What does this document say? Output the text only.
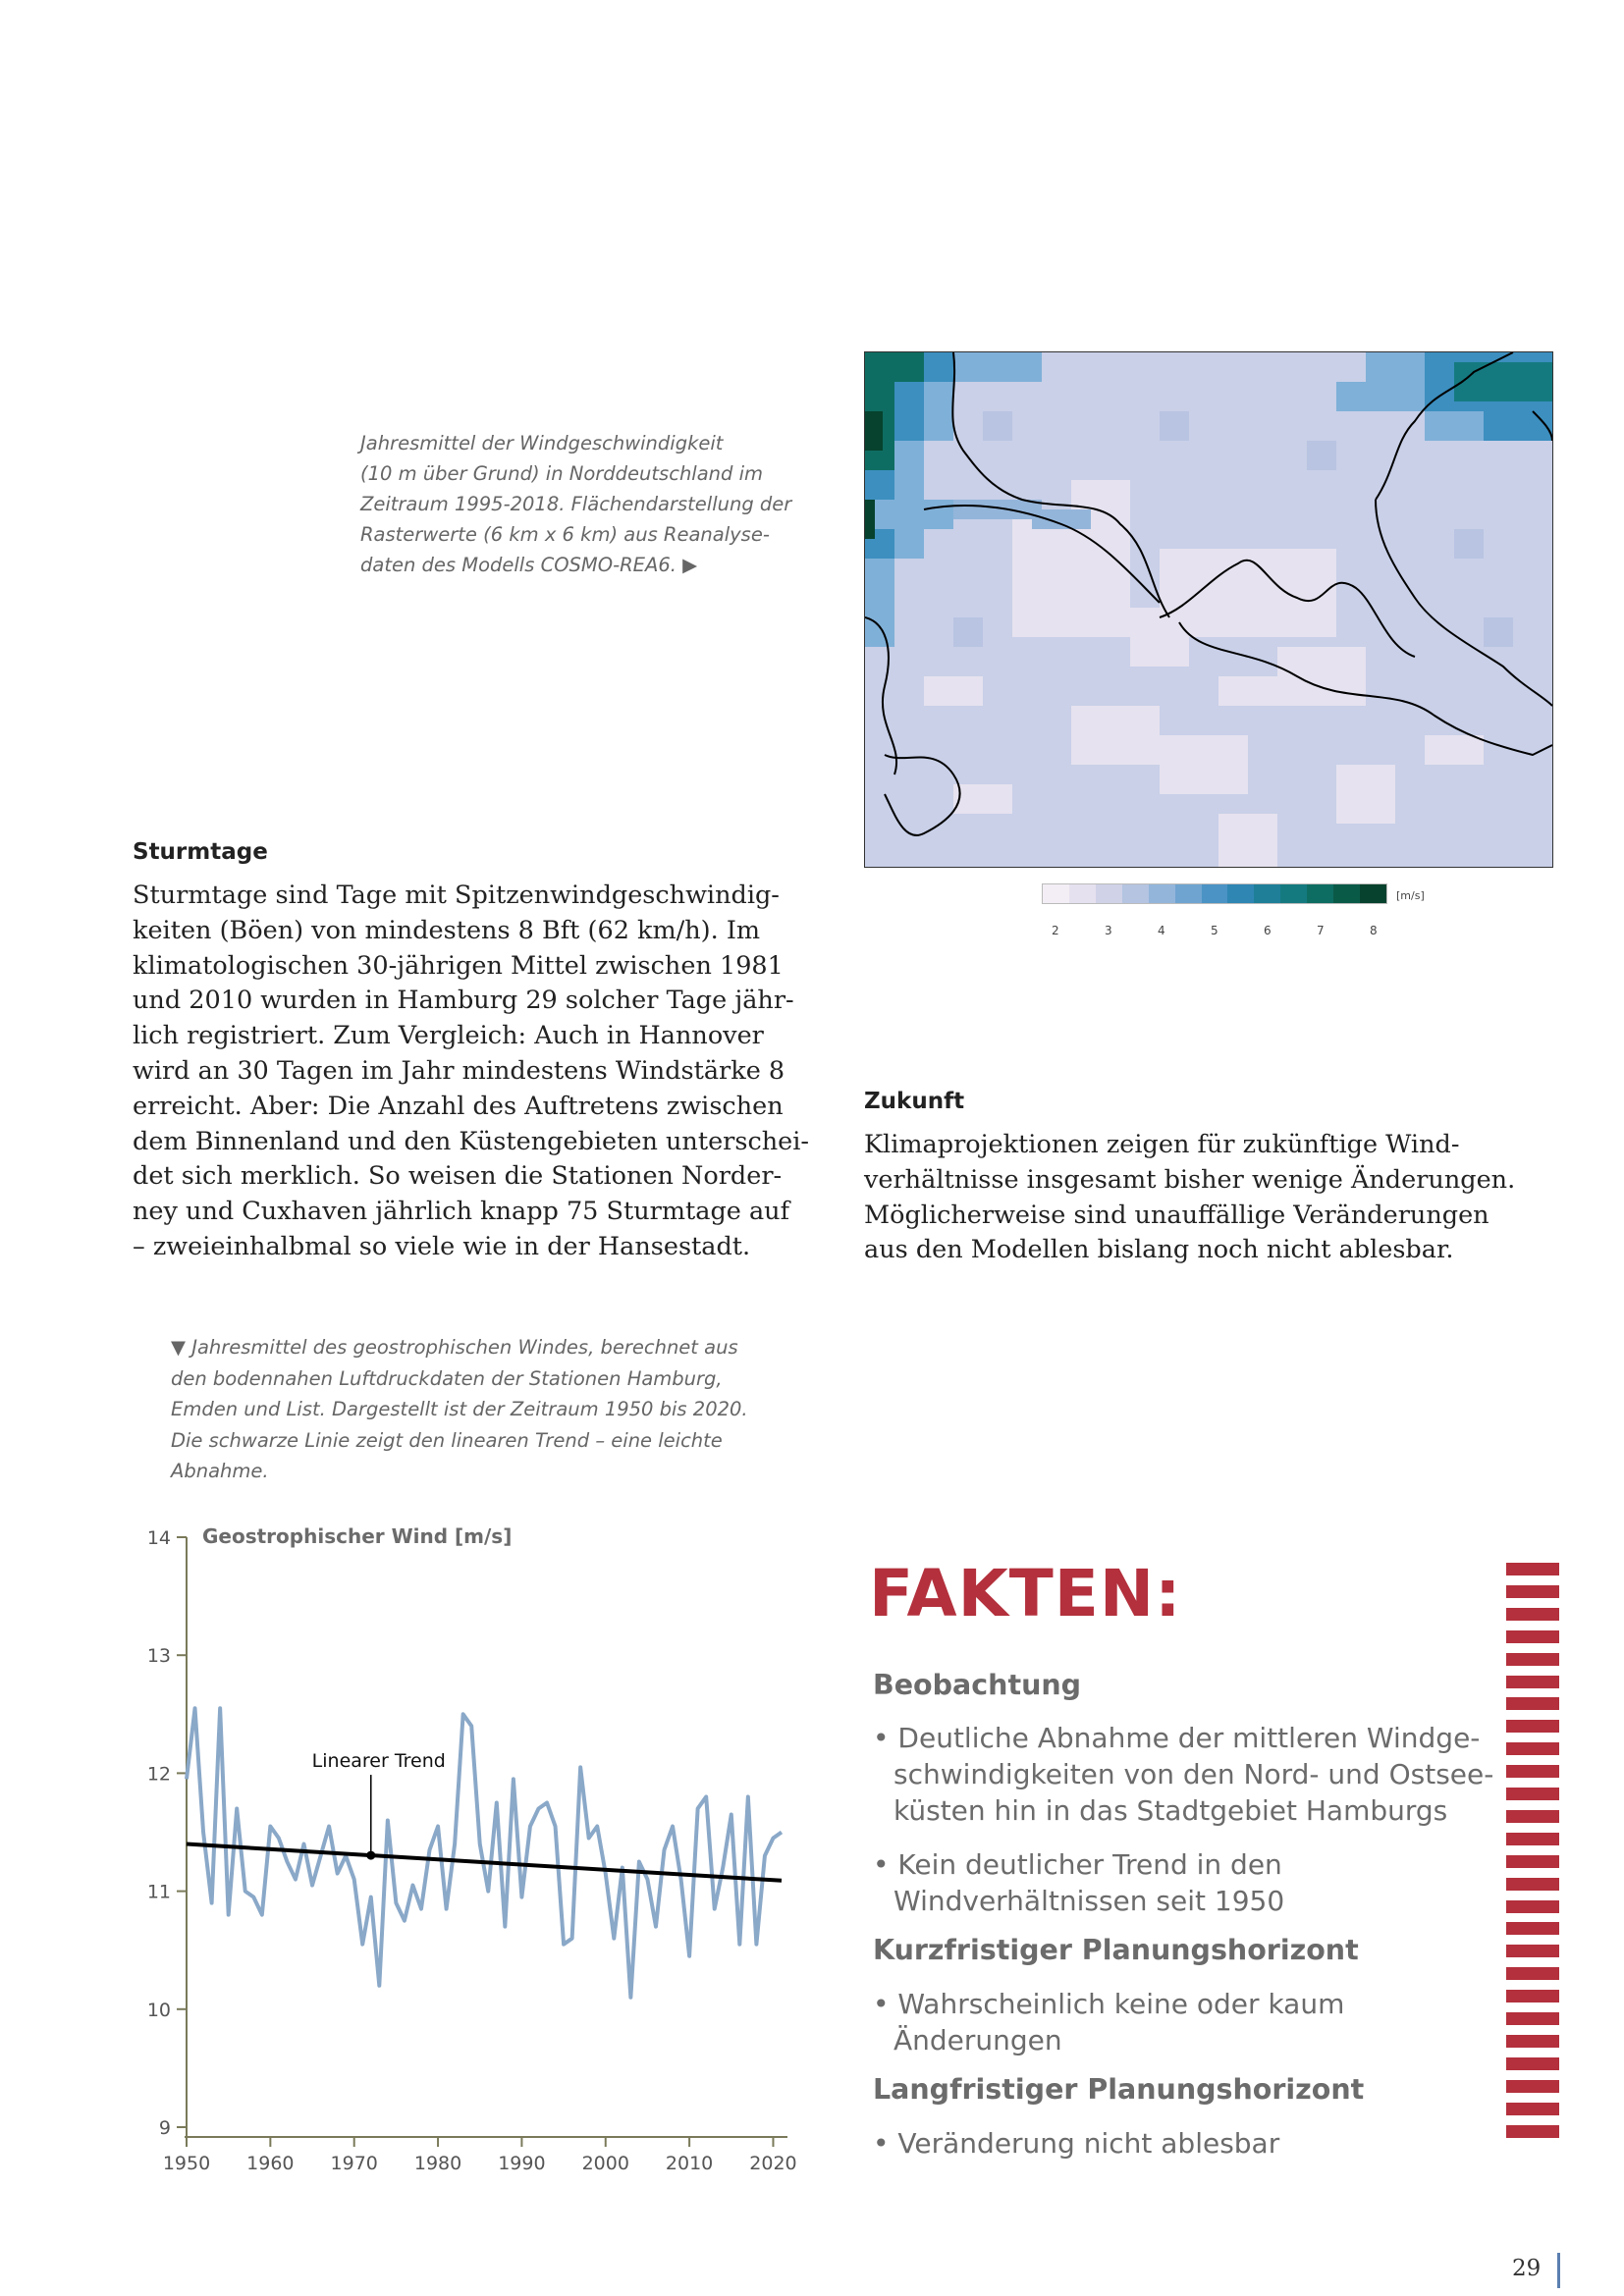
Jahresmittel der Windgeschwindigkeit
(10 m über Grund) in Norddeutschland im
Zeitraum 1995-2018. Flächendarstellung der
Rasterwerte (6 km x 6 km) aus Reanalyse-
daten des Modells COSMO-REA6. ▶
[m/s]
2	3	4	5	6	7	8
Sturmtage
Sturmtage sind Tage mit Spitzenwindgeschwindig-
keiten (Böen) von mindestens 8 Bft (62 km/h). Im
klimatologischen 30-jährigen Mittel zwischen 1981
und 2010 wurden in Hamburg 29 solcher Tage jähr-
lich registriert. Zum Vergleich: Auch in Hannover
wird an 30 Tagen im Jahr mindestens Windstärke 8
erreicht. Aber: Die Anzahl des Auftretens zwischen
dem Binnenland und den Küstengebieten unterschei-
det sich merklich. So weisen die Stationen Norder-
ney und Cuxhaven jährlich knapp 75 Sturmtage auf
– zweieinhalbmal so viele wie in der Hansestadt.
Zukunft
Klimaprojektionen zeigen für zukünftige Wind-
verhältnisse insgesamt bisher wenige Änderungen.
Möglicherweise sind unauffällige Veränderungen
aus den Modellen bislang noch nicht ablesbar.
▼ Jahresmittel des geostrophischen Windes, berechnet aus
den bodennahen Luftdruckdaten der Stationen Hamburg,
Emden und List. Dargestellt ist der Zeitraum 1950 bis 2020.
Die schwarze Linie zeigt den linearen Trend – eine leichte
Abnahme.
Geostrophischer Wind [m/s]
9
10
11
12
13
14
1950 1960 1970 1980 1990 2000 2010 2020
Linearer Trend
FAKTEN:
Beobachtung
• Deutliche Abnahme der mittleren Windge-
schwindigkeiten von den Nord- und Ostsee-
küsten hin in das Stadtgebiet Hamburgs
• Kein deutlicher Trend in den
Windverhältnissen seit 1950
Kurzfristiger Planungshorizont
• Wahrscheinlich keine oder kaum
Änderungen
Langfristiger Planungshorizont
• Veränderung nicht ablesbar
29
